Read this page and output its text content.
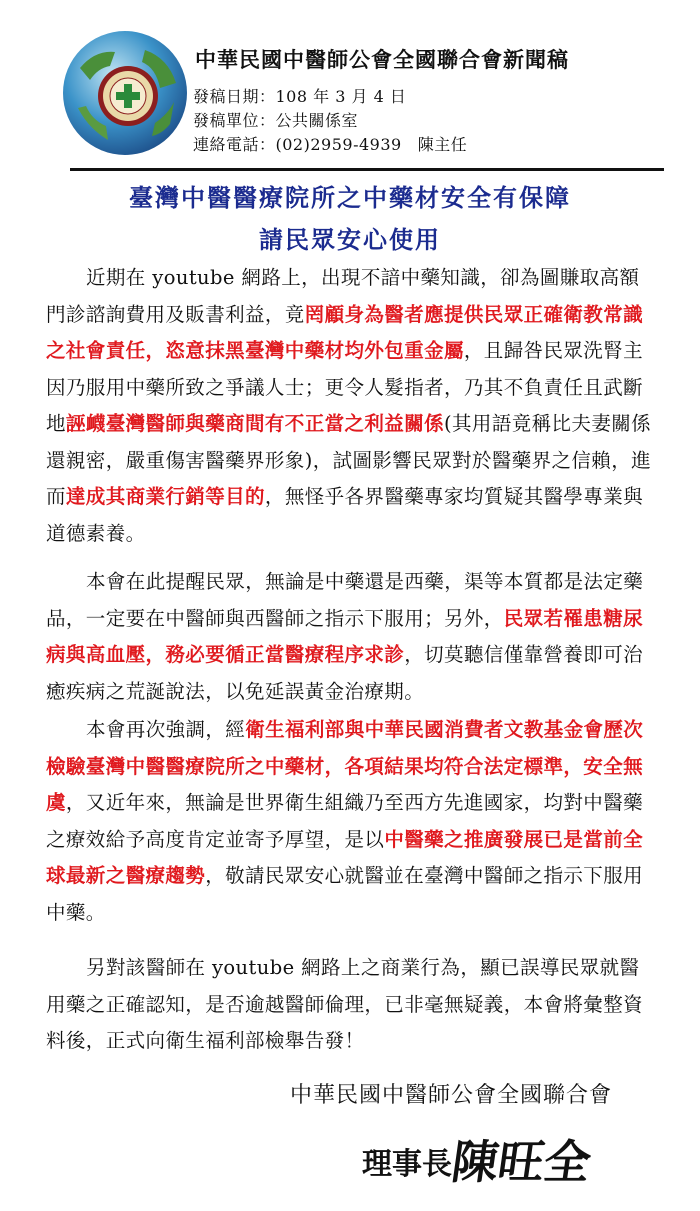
中華民國中醫師公會全國聯合會新聞稿
發稿日期：108 年 3 月 4 日
發稿單位：公共關係室
連絡電話：(02)2959-4939 陳主任
臺灣中醫醫療院所之中藥材安全有保障
請民眾安心使用

近期在 youtube 網路上，出現不諳中藥知識，卻為圖賺取高額門診諮詢費用及販書利益，竟罔顧身為醫者應提供民眾正確衛教常識之社會責任，恣意抹黑臺灣中藥材均外包重金屬，且歸咎民眾洗腎主因乃服用中藥所致之爭議人士；更令人髮指者，乃其不負責任且武斷地誣衊臺灣醫師與藥商間有不正當之利益關係(其用語竟稱比夫妻關係還親密，嚴重傷害醫藥界形象)，試圖影響民眾對於醫藥界之信賴，進而達成其商業行銷等目的，無怪乎各界醫藥專家均質疑其醫學專業與道德素養。

本會在此提醒民眾，無論是中藥還是西藥，渠等本質都是法定藥品，一定要在中醫師與西醫師之指示下服用；另外，民眾若罹患糖尿病與高血壓，務必要循正當醫療程序求診，切莫聽信僅靠營養即可治癒疾病之荒誕說法，以免延誤黃金治療期。

本會再次強調，經衛生福利部與中華民國消費者文教基金會歷次檢驗臺灣中醫醫療院所之中藥材，各項結果均符合法定標準，安全無虞，又近年來，無論是世界衛生組織乃至西方先進國家，均對中醫藥之療效給予高度肯定並寄予厚望，是以中醫藥之推廣發展已是當前全球最新之醫療趨勢，敬請民眾安心就醫並在臺灣中醫師之指示下服用中藥。

另對該醫師在 youtube 網路上之商業行為，顯已誤導民眾就醫用藥之正確認知，是否逾越醫師倫理，已非毫無疑義，本會將彙整資料後，正式向衛生福利部檢舉告發！

中華民國中醫師公會全國聯合會
理事長
陳旺全
